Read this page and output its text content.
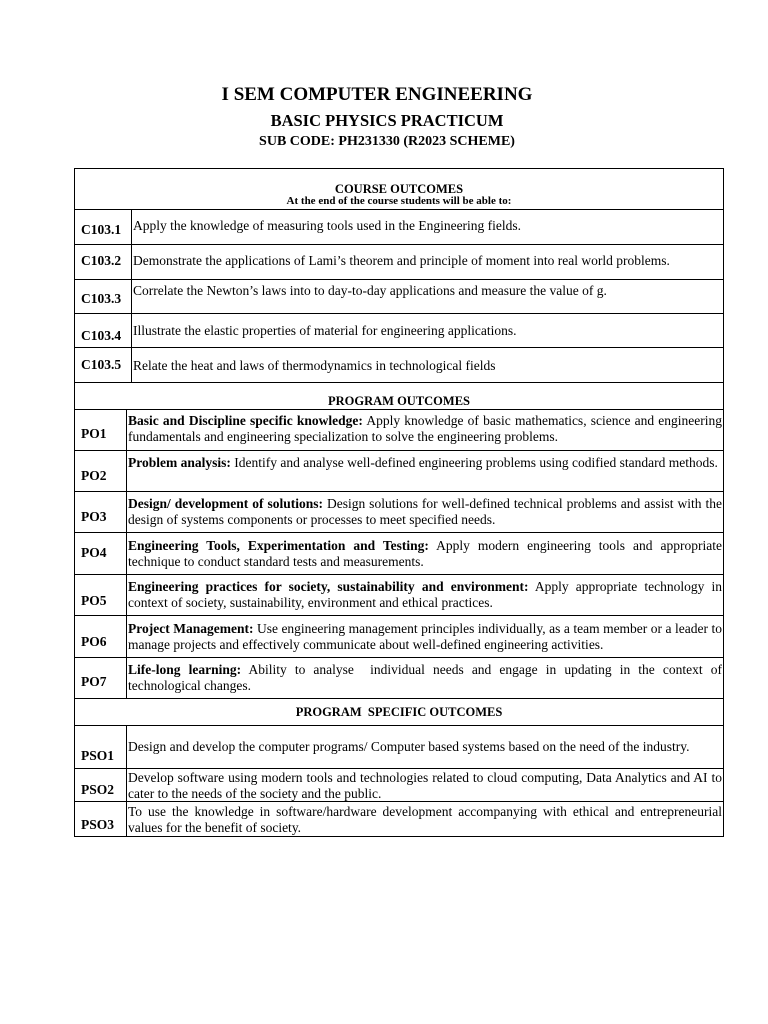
I SEM COMPUTER ENGINEERING
BASIC PHYSICS PRACTICUM
SUB CODE: PH231330 (R2023 SCHEME)
COURSE OUTCOMES
At the end of the course students will be able to:
C103.1 Apply the knowledge of measuring tools used in the Engineering fields.
C103.2 Demonstrate the applications of Lami’s theorem and principle of moment into real world problems.
C103.3
Correlate the Newton’s laws into to day-to-day applications and measure the value of g.
C103.4 Illustrate the elastic properties of material for engineering applications.
C103.5 Relate the heat and laws of thermodynamics in technological fields
PROGRAM OUTCOMES
PO1
Basic and Discipline specific knowledge: Apply knowledge of basic mathematics, science and engineering fundamentals and engineering specialization to solve the engineering problems.
PO2
Problem analysis: Identify and analyse well-defined engineering problems using codified standard methods.
PO3
Design/ development of solutions: Design solutions for well-defined technical problems and assist with the design of systems components or processes to meet specified needs.
PO4 Engineering Tools, Experimentation and Testing: Apply modern engineering tools and appropriate technique to conduct standard tests and measurements.
PO5
Engineering practices for society, sustainability and environment: Apply appropriate technology in context of society, sustainability, environment and ethical practices.
PO6
Project Management: Use engineering management principles individually, as a team member or a leader to manage projects and effectively communicate about well-defined engineering activities.
PO7
Life-long learning: Ability to analyse  individual needs and engage in updating in the context of technological changes.
PROGRAM  SPECIFIC OUTCOMES
PSO1
Design and develop the computer programs/ Computer based systems based on the need of the industry.
PSO2
Develop software using modern tools and technologies related to cloud computing, Data Analytics and AI to cater to the needs of the society and the public.
PSO3
To use the knowledge in software/hardware development accompanying with ethical and entrepreneurial values for the benefit of society.
